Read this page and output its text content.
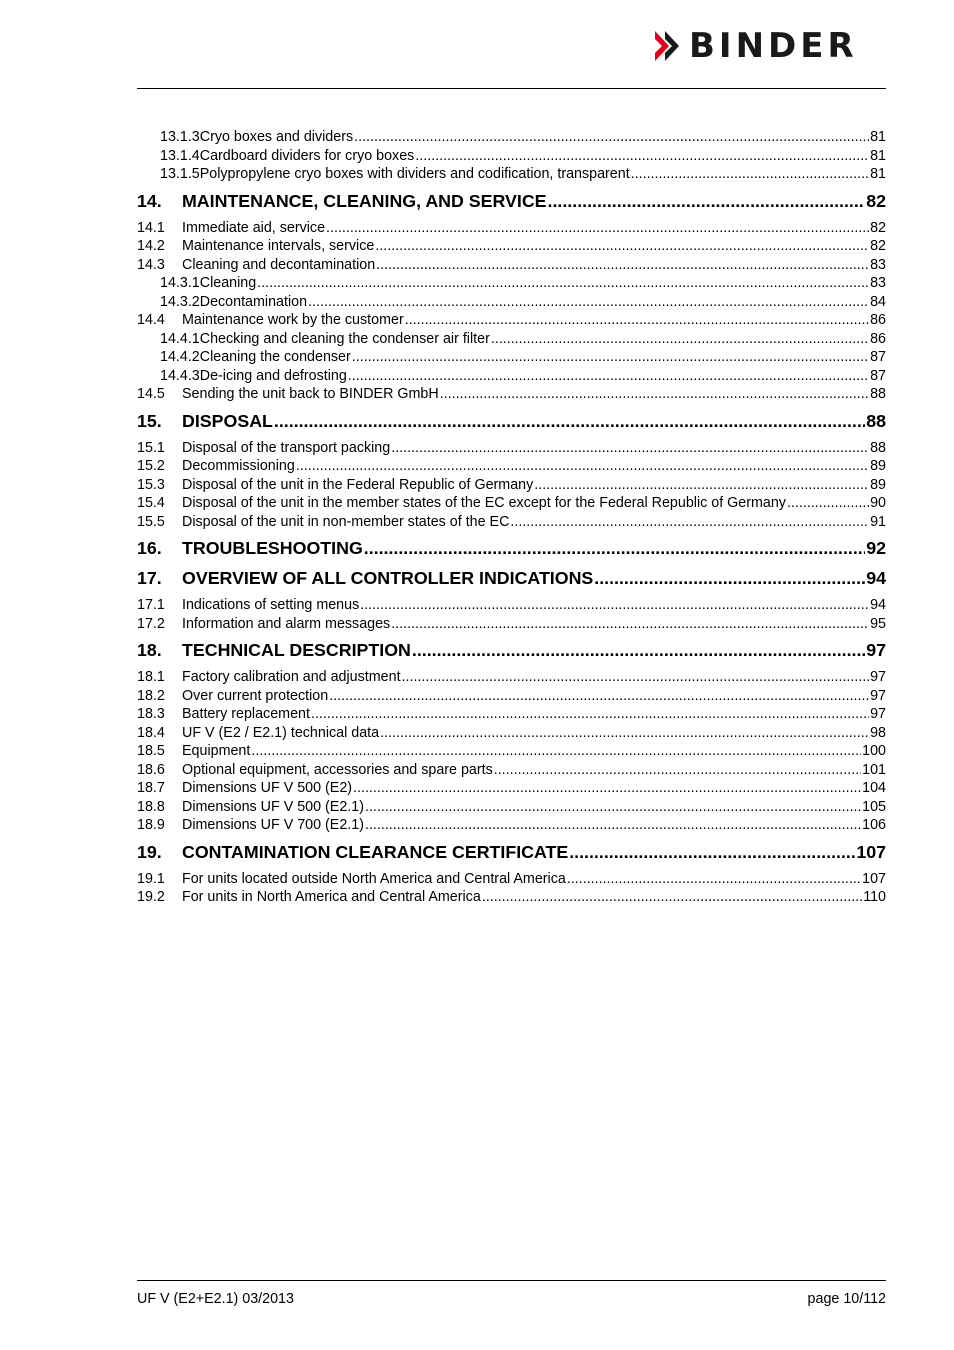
BINDER
13.1.3Cryo boxes and dividers .....	81
13.1.4Cardboard dividers for cryo boxes .....	81
13.1.5Polypropylene cryo boxes with dividers and codification, transparent .....	81
14.	MAINTENANCE, CLEANING, AND SERVICE .....	82
14.1	Immediate aid, service .....	82
14.2	Maintenance intervals, service .....	82
14.3	Cleaning and decontamination .....	83
14.3.1Cleaning .....	83
14.3.2Decontamination .....	84
14.4	Maintenance work by the customer .....	86
14.4.1Checking and cleaning the condenser air filter .....	86
14.4.2Cleaning the condenser .....	87
14.4.3De-icing and defrosting .....	87
14.5	Sending the unit back to BINDER GmbH .....	88
15.	DISPOSAL .....	88
15.1	Disposal of the transport packing .....	88
15.2	Decommissioning .....	89
15.3	Disposal of the unit in the Federal Republic of Germany .....	89
15.4	Disposal of the unit in the member states of the EC except for the Federal Republic of Germany .....	90
15.5	Disposal of the unit in non-member states of the EC .....	91
16.	TROUBLESHOOTING .....	92
17.	OVERVIEW OF ALL CONTROLLER INDICATIONS .....	94
17.1	Indications of setting menus .....	94
17.2	Information and alarm messages .....	95
18.	TECHNICAL DESCRIPTION .....	97
18.1	Factory calibration and adjustment .....	97
18.2	Over current protection .....	97
18.3	Battery replacement .....	97
18.4	UF V (E2 / E2.1) technical data .....	98
18.5	Equipment .....	100
18.6	Optional equipment, accessories and spare parts .....	101
18.7	Dimensions UF V 500 (E2) .....	104
18.8	Dimensions UF V 500 (E2.1) .....	105
18.9	Dimensions UF V 700 (E2.1) .....	106
19.	CONTAMINATION CLEARANCE CERTIFICATE .....	107
19.1	For units located outside North America and Central America .....	107
19.2	For units in North America and Central America .....	110
UF V (E2+E2.1) 03/2013	page 10/112
